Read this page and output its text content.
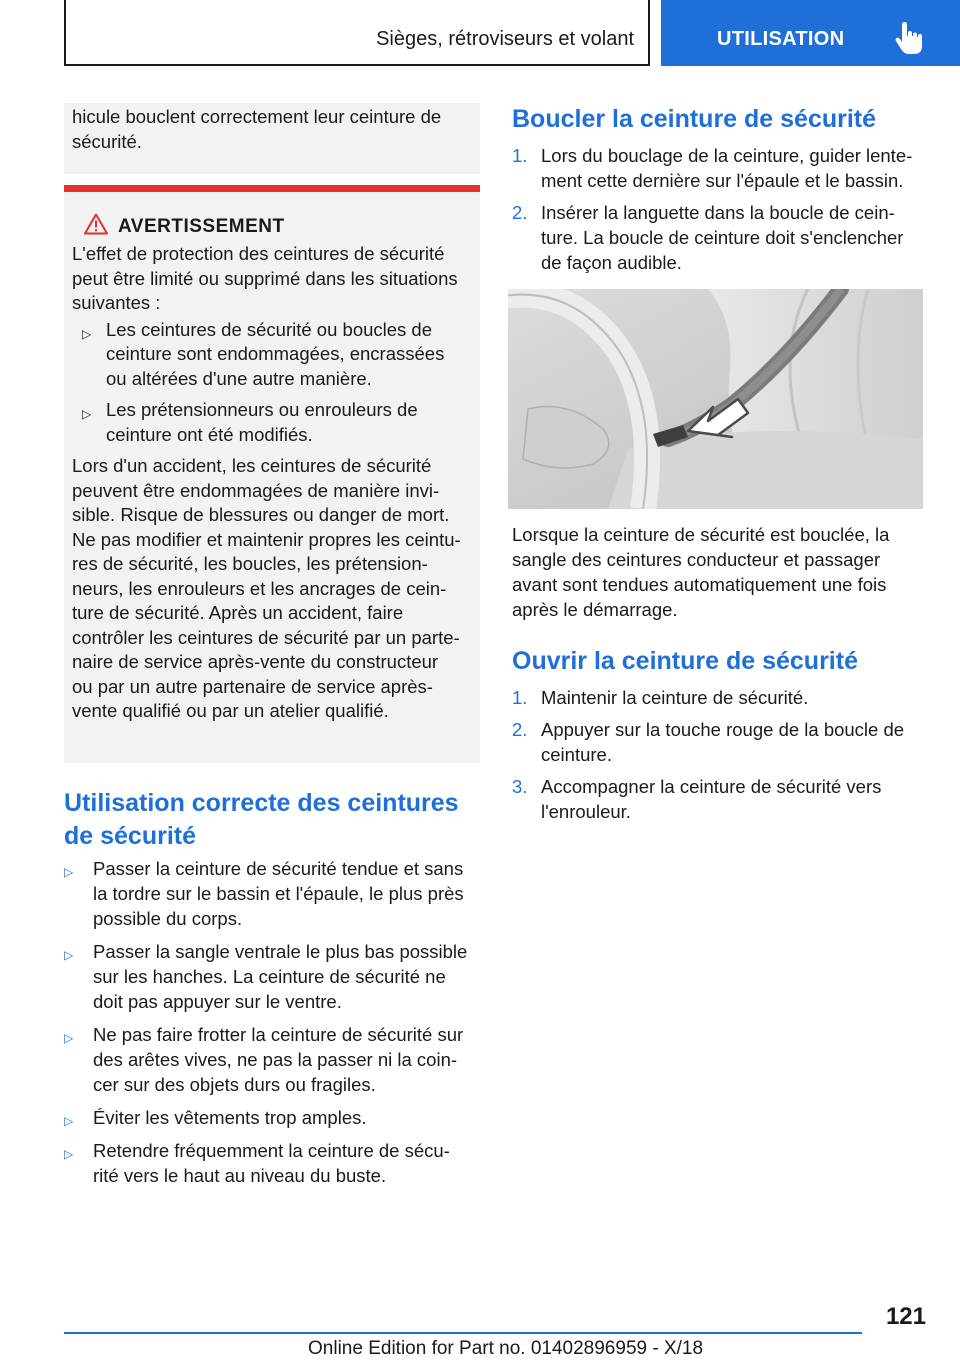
Sièges, rétroviseurs et volant	UTILISATION
hicule bouclent correctement leur ceinture de
sécurité.
AVERTISSEMENT
L'effet de protection des ceintures de sécurité
peut être limité ou supprimé dans les situations
suivantes :
▷ Les ceintures de sécurité ou boucles de
ceinture sont endommagées, encrassées
ou altérées d'une autre manière.
▷ Les prétensionneurs ou enrouleurs de
ceinture ont été modifiés.
Lors d'un accident, les ceintures de sécurité
peuvent être endommagées de manière invi-
sible. Risque de blessures ou danger de mort.
Ne pas modifier et maintenir propres les ceintu-
res de sécurité, les boucles, les prétension-
neurs, les enrouleurs et les ancrages de cein-
ture de sécurité. Après un accident, faire
contrôler les ceintures de sécurité par un parte-
naire de service après-vente du constructeur
ou par un autre partenaire de service après-
vente qualifié ou par un atelier qualifié.
Utilisation correcte des ceintures
de sécurité
▷ Passer la ceinture de sécurité tendue et sans
la tordre sur le bassin et l'épaule, le plus près
possible du corps.
▷ Passer la sangle ventrale le plus bas possible
sur les hanches. La ceinture de sécurité ne
doit pas appuyer sur le ventre.
▷ Ne pas faire frotter la ceinture de sécurité sur
des arêtes vives, ne pas la passer ni la coin-
cer sur des objets durs ou fragiles.
▷ Éviter les vêtements trop amples.
▷ Retendre fréquemment la ceinture de sécu-
rité vers le haut au niveau du buste.
Boucler la ceinture de sécurité
1. Lors du bouclage de la ceinture, guider lente-
ment cette dernière sur l'épaule et le bassin.
2. Insérer la languette dans la boucle de cein-
ture. La boucle de ceinture doit s'enclencher
de façon audible.
Lorsque la ceinture de sécurité est bouclée, la
sangle des ceintures conducteur et passager
avant sont tendues automatiquement une fois
après le démarrage.
Ouvrir la ceinture de sécurité
1. Maintenir la ceinture de sécurité.
2. Appuyer sur la touche rouge de la boucle de
ceinture.
3. Accompagner la ceinture de sécurité vers
l'enrouleur.
121
Online Edition for Part no. 01402896959 - X/18
